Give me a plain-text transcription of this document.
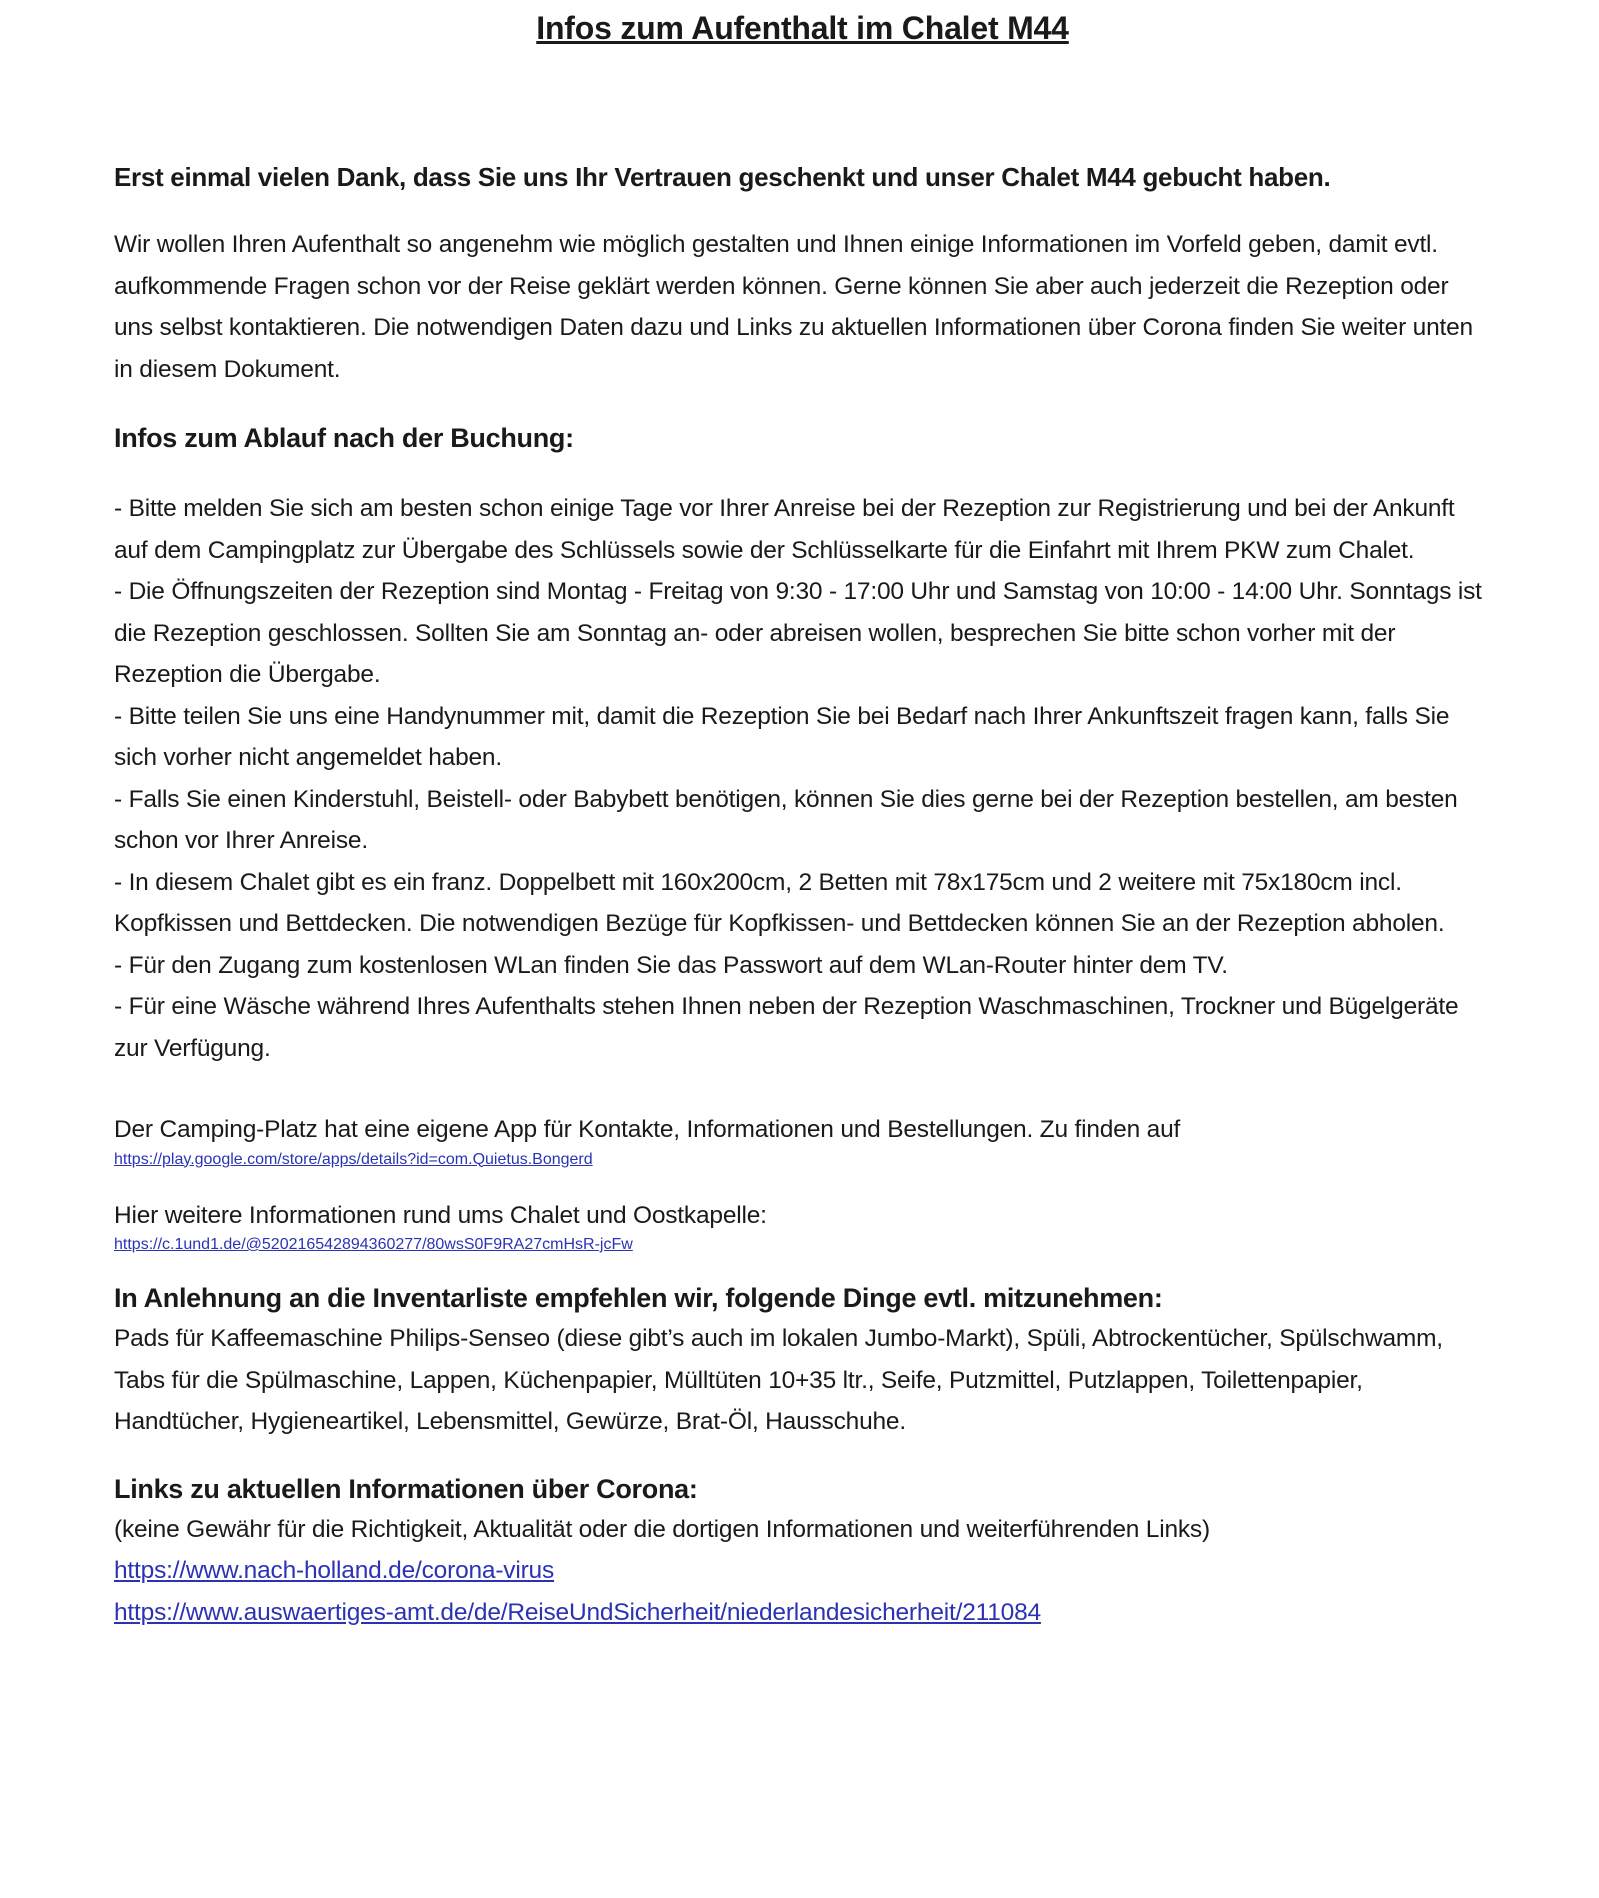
Infos zum Aufenthalt im Chalet M44
Erst einmal vielen Dank, dass Sie uns Ihr Vertrauen geschenkt und unser Chalet M44 gebucht haben.

Wir wollen Ihren Aufenthalt so angenehm wie möglich gestalten und Ihnen einige Informationen im Vorfeld geben, damit evtl. aufkommende Fragen schon vor der Reise geklärt werden können. Gerne können Sie aber auch jederzeit die Rezeption oder uns selbst kontaktieren. Die notwendigen Daten dazu und Links zu aktuellen Informationen über Corona finden Sie weiter unten in diesem Dokument.

Infos zum Ablauf nach der Buchung:

- Bitte melden Sie sich am besten schon einige Tage vor Ihrer Anreise bei der Rezeption zur Registrierung und bei der Ankunft auf dem Campingplatz zur Übergabe des Schlüssels sowie der Schlüsselkarte für die Einfahrt mit Ihrem PKW zum Chalet.

- Die Öffnungszeiten der Rezeption sind Montag - Freitag von 9:30 - 17:00 Uhr und Samstag von 10:00 - 14:00 Uhr. Sonntags ist die Rezeption geschlossen. Sollten Sie am Sonntag an- oder abreisen wollen, besprechen Sie bitte schon vorher mit der Rezeption die Übergabe.

- Bitte teilen Sie uns eine Handynummer mit, damit die Rezeption Sie bei Bedarf nach Ihrer Ankunftszeit fragen kann, falls Sie sich vorher nicht angemeldet haben.

- Falls Sie einen Kinderstuhl, Beistell- oder Babybett benötigen, können Sie dies gerne bei der Rezeption bestellen, am besten schon vor Ihrer Anreise.

- In diesem Chalet gibt es ein franz. Doppelbett mit 160x200cm, 2 Betten mit 78x175cm und 2 weitere mit 75x180cm incl. Kopfkissen und Bettdecken. Die notwendigen Bezüge für Kopfkissen- und Bettdecken können Sie an der Rezeption abholen.

- Für den Zugang zum kostenlosen WLan finden Sie das Passwort auf dem WLan-Router hinter dem TV.

- Für eine Wäsche während Ihres Aufenthalts stehen Ihnen neben der Rezeption Waschmaschinen, Trockner und Bügelgeräte zur Verfügung.

Der Camping-Platz hat eine eigene App für Kontakte, Informationen und Bestellungen. Zu finden auf

https://play.google.com/store/apps/details?id=com.Quietus.Bongerd

Hier weitere Informationen rund ums Chalet und Oostkapelle:

https://c.1und1.de/@520216542894360277/80wsS0F9RA27cmHsR-jcFw
In Anlehnung an die Inventarliste empfehlen wir, folgende Dinge evtl. mitzunehmen:

Pads für Kaffeemaschine Philips-Senseo (diese gibt’s auch im lokalen Jumbo-Markt), Spüli, Abtrockentücher, Spülschwamm, Tabs für die Spülmaschine, Lappen, Küchenpapier, Mülltüten 10+35 ltr., Seife, Putzmittel, Putzlappen, Toilettenpapier, Handtücher, Hygieneartikel, Lebensmittel, Gewürze, Brat-Öl, Hausschuhe.

Links zu aktuellen Informationen über Corona:

(keine Gewähr für die Richtigkeit, Aktualität oder die dortigen Informationen und weiterführenden Links)

https://www.nach-holland.de/corona-virus
https://www.auswaertiges-amt.de/de/ReiseUndSicherheit/niederlandesicherheit/211084
